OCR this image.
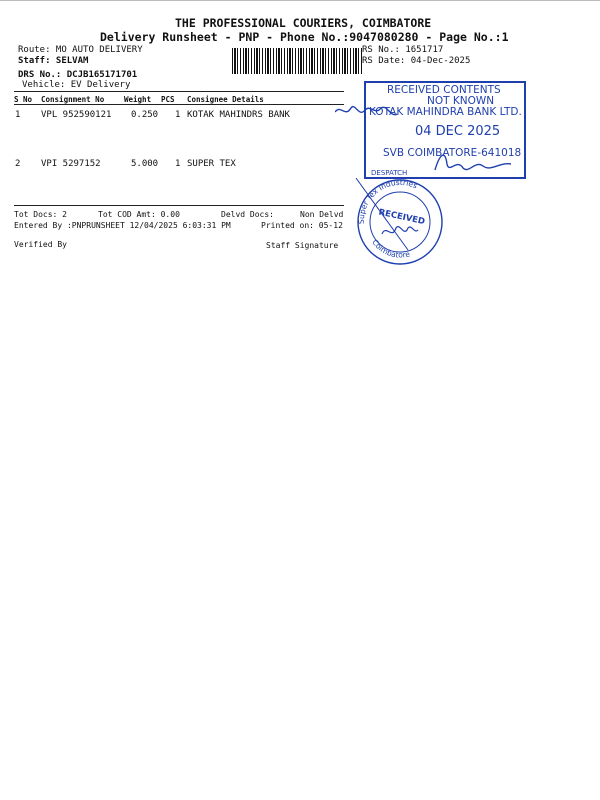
THE PROFESSIONAL COURIERS, COIMBATORE
Delivery Runsheet - PNP - Phone No.:9047080280 - Page No.:1
Route: MO AUTO DELIVERY
Staff: SELVAM
DRS No.: DCJB165171701
Vehicle: EV Delivery
RS No.: 1651717
RS Date: 04-Dec-2025
S No Consignment No	Weight PCS Consignee Details
1 VPL 952590121 0.250 1 KOTAK MAHINDRS BANK
2 VPI 5297152	5.000 1 SUPER TEX
Tot Docs: 2	Tot COD Amt: 0.00	Delvd Docs:	Non Delvd
Entered By :PNPRUNSHEET 12/04/2025 6:03:31 PM	Printed on: 05-12
Verified By	Staff Signature
RECEIVED CONTENTS
NOT KNOWN
KOTAK MAHINDRA BANK LTD.
04 DEC 2025
SVB COIMBATORE-641018
DESPATCH
Super Tex Industries
Coimbatore
RECEIVED
